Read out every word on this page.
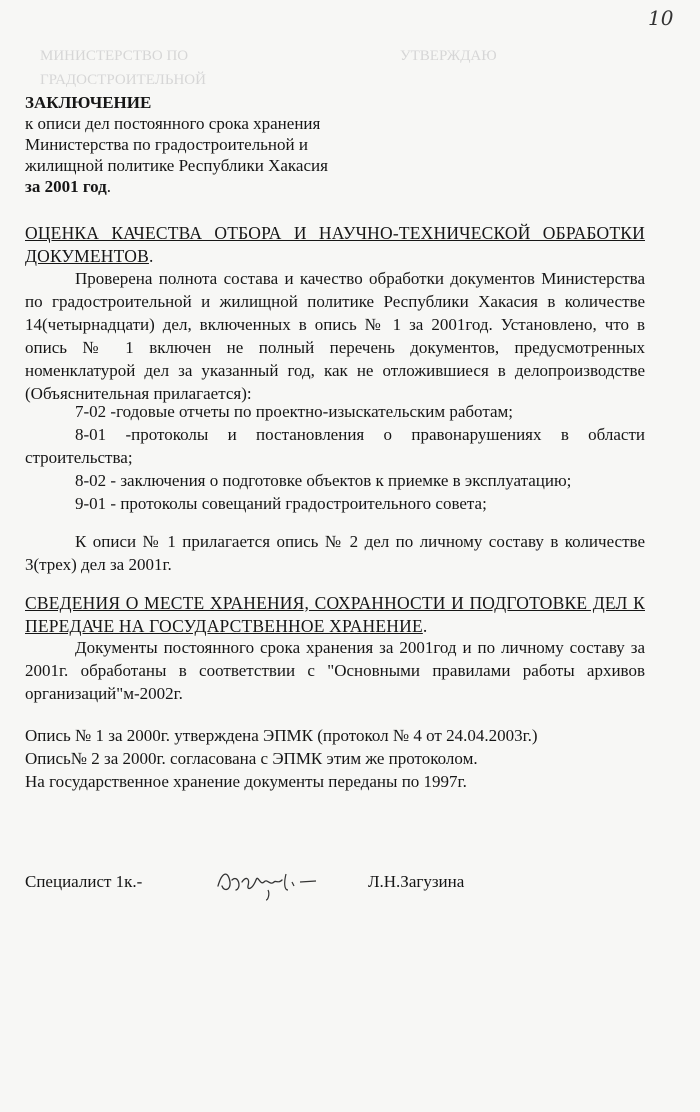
МИНИСТЕРСТВО ПО
ГРАДОСТРОИТЕЛЬНОЙ
УТВЕРЖДАЮ
10
ЗАКЛЮЧЕНИЕ
к описи дел постоянного срока хранения
Министерства по градостроительной и
жилищной политике Республики Хакасия
за 2001 год.
ОЦЕНКА КАЧЕСТВА ОТБОРА И НАУЧНО-ТЕХНИЧЕСКОЙ ОБРАБОТКИ ДОКУМЕНТОВ.
Проверена полнота состава и качество обработки документов Министерства по градостроительной и жилищной политике Республики Хакасия в количестве 14(четырнадцати) дел, включенных в опись № 1 за 2001год. Установлено, что в опись № 1 включен не полный перечень документов, предусмотренных номенклатурой дел за указанный год, как не отложившиеся в делопроизводстве (Объяснительная прилагается):
7-02 -годовые отчеты по проектно-изыскательским работам;
8-01 -протоколы и постановления о правонарушениях в области строительства;
8-02 - заключения о подготовке объектов к приемке в эксплуатацию;
9-01 - протоколы совещаний градостроительного совета;
К описи № 1 прилагается опись № 2 дел по личному составу в количестве 3(трех) дел за 2001г.
СВЕДЕНИЯ О МЕСТЕ ХРАНЕНИЯ, СОХРАННОСТИ И ПОДГОТОВКЕ ДЕЛ К ПЕРЕДАЧЕ НА ГОСУДАРСТВЕННОЕ ХРАНЕНИЕ.
Документы постоянного срока хранения за 2001год и по личному составу за 2001г. обработаны в соответствии с "Основными правилами работы архивов организаций"м-2002г.
Опись № 1 за 2000г. утверждена ЭПМК (протокол № 4 от 24.04.2003г.)
Опись№ 2 за 2000г. согласована с ЭПМК этим же протоколом.
На государственное хранение документы переданы по 1997г.
Специалист 1к.-	Л.Н.Загузина
